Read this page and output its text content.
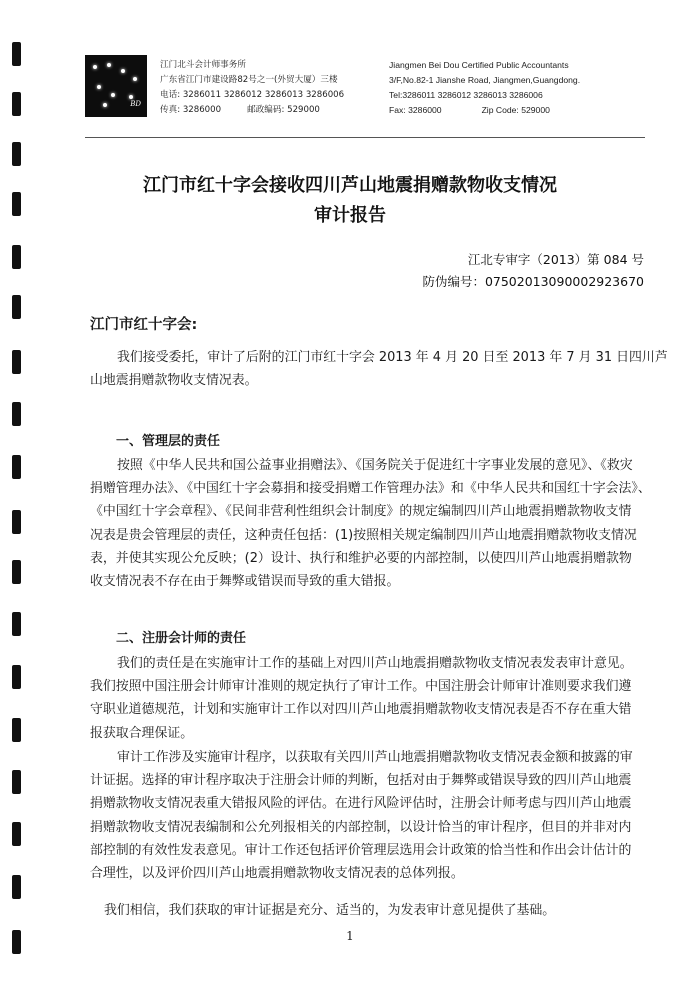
BD
江门北斗会计师事务所
广东省江门市建设路82号之一(外贸大厦）三楼
电话: 3286011 3286012 3286013 3286006
传真: 3286000	邮政编码: 529000
Jiangmen Bei Dou Certified Public Accountants
3/F,No.82-1 Jianshe Road, Jiangmen,Guangdong.
Tel:3286011 3286012 3286013 3286006
Fax: 3286000	Zip Code: 529000
江门市红十字会接收四川芦山地震捐赠款物收支情况
审计报告
江北专审字（2013）第 084 号
防伪编号：07502013090002923670
江门市红十字会:
我们接受委托，审计了后附的江门市红十字会 2013 年 4 月 20 日至 2013 年 7 月 31 日四川芦
山地震捐赠款物收支情况表。
一、管理层的责任
按照《中华人民共和国公益事业捐赠法》、《国务院关于促进红十字事业发展的意见》、《救灾
捐赠管理办法》、《中国红十字会募捐和接受捐赠工作管理办法》和《中华人民共和国红十字会法》、
《中国红十字会章程》、《民间非营利性组织会计制度》的规定编制四川芦山地震捐赠款物收支情
况表是贵会管理层的责任，这种责任包括：(1)按照相关规定编制四川芦山地震捐赠款物收支情况
表，并使其实现公允反映；(2）设计、执行和维护必要的内部控制，以使四川芦山地震捐赠款物
收支情况表不存在由于舞弊或错误而导致的重大错报。
二、注册会计师的责任
我们的责任是在实施审计工作的基础上对四川芦山地震捐赠款物收支情况表发表审计意见。
我们按照中国注册会计师审计准则的规定执行了审计工作。中国注册会计师审计准则要求我们遵
守职业道德规范，计划和实施审计工作以对四川芦山地震捐赠款物收支情况表是否不存在重大错
报获取合理保证。
审计工作涉及实施审计程序，以获取有关四川芦山地震捐赠款物收支情况表金额和披露的审
计证据。选择的审计程序取决于注册会计师的判断，包括对由于舞弊或错误导致的四川芦山地震
捐赠款物收支情况表重大错报风险的评估。在进行风险评估时，注册会计师考虑与四川芦山地震
捐赠款物收支情况表编制和公允列报相关的内部控制，以设计恰当的审计程序，但目的并非对内
部控制的有效性发表意见。审计工作还包括评价管理层选用会计政策的恰当性和作出会计估计的
合理性，以及评价四川芦山地震捐赠款物收支情况表的总体列报。
我们相信，我们获取的审计证据是充分、适当的，为发表审计意见提供了基础。
1
